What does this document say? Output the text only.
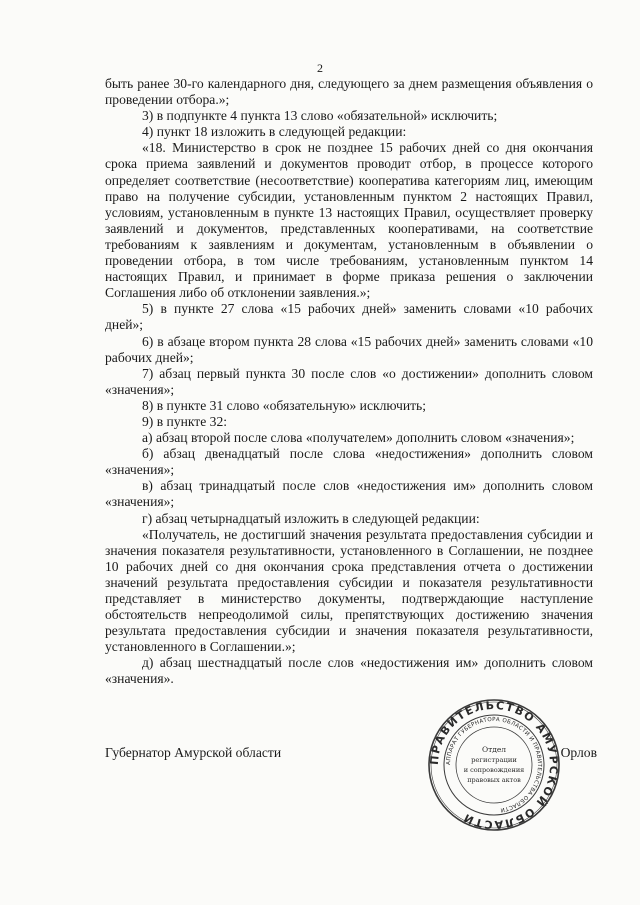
2

быть ранее 30-го календарного дня, следующего за днем размещения объявления о проведении отбора.»;

3) в подпункте 4 пункта 13 слово «обязательной» исключить;

4) пункт 18 изложить в следующей редакции:

«18. Министерство в срок не позднее 15 рабочих дней со дня окончания срока приема заявлений и документов проводит отбор, в процессе которого определяет соответствие (несоответствие) кооператива категориям лиц, имеющим право на получение субсидии, установленным пунктом 2 настоящих Правил, условиям, установленным в пункте 13 настоящих Правил, осуществляет проверку заявлений и документов, представленных кооперативами, на соответствие требованиям к заявлениям и документам, установленным в объявлении о проведении отбора, в том числе требованиям, установленным пунктом 14 настоящих Правил, и принимает в форме приказа решения о заключении Соглашения либо об отклонении заявления.»;

5) в пункте 27 слова «15 рабочих дней» заменить словами «10 рабочих дней»;

6) в абзаце втором пункта 28 слова «15 рабочих дней» заменить словами «10 рабочих дней»;

7) абзац первый пункта 30 после слов «о достижении» дополнить словом «значения»;

8) в пункте 31 слово «обязательную» исключить;

9) в пункте 32:

а) абзац второй после слова «получателем» дополнить словом «значения»;

б) абзац двенадцатый после слова «недостижения» дополнить словом «значения»;

в) абзац тринадцатый после слов «недостижения им» дополнить словом «значения»;

г) абзац четырнадцатый изложить в следующей редакции:

«Получатель, не достигший значения результата предоставления субсидии и значения показателя результативности, установленного в Соглашении, не позднее 10 рабочих дней со дня окончания срока представления отчета о достижении значений результата предоставления субсидии и показателя результативности представляет в министерство документы, подтверждающие наступление обстоятельств непреодолимой силы, препятствующих достижению значения результата предоставления субсидии и значения показателя результативности, установленного в Соглашении.»;

д) абзац шестнадцатый после слов «недостижения им» дополнить словом «значения».

Губернатор Амурской области	Орлов
ПРАВИТЕЛЬСТВО АМУРСКОЙ ОБЛАСТИ
АППАРАТ ГУБЕРНАТОРА ОБЛАСТИ И ПРАВИТЕЛЬСТВА ОБЛАСТИ
Отдел
регистрации
и сопровождения
правовых актов
